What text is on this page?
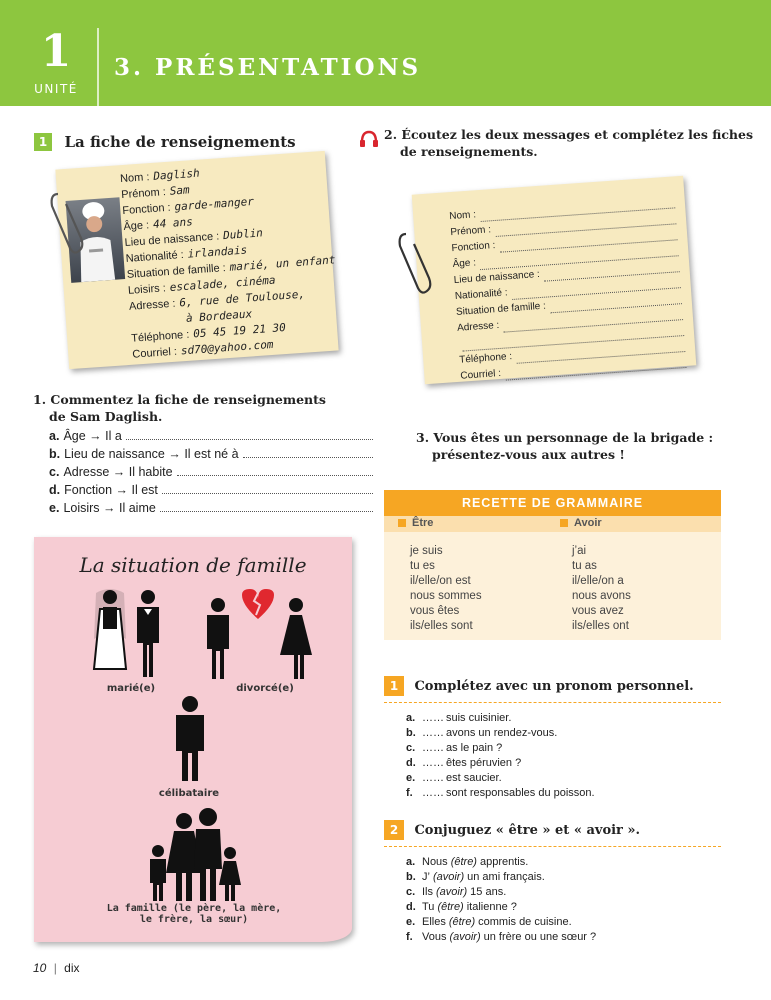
1
UNITÉ
3. PRÉSENTATIONS
1 La fiche de renseignements
Nom : Daglish
Prénom : Sam
Fonction : garde-manger
Âge : 44 ans
Lieu de naissance : Dublin
Nationalité : irlandais
Situation de famille : marié, un enfant
Loisirs : escalade, cinéma
Adresse : 6, rue de Toulouse,
à Bordeaux
Téléphone : 05 45 19 21 30
Courriel : sd70@yahoo.com
1. Commentez la fiche de renseignements
de Sam Daglish.
a. Âge → Il a
b. Lieu de naissance → Il est né à
c. Adresse → Il habite
d. Fonction → Il est
e. Loisirs → Il aime
2. Écoutez les deux messages et complétez les fiches
de renseignements.
Nom :
Prénom :
Fonction :
Âge :
Lieu de naissance :
Nationalité :
Situation de famille :
Adresse :
Téléphone :
Courriel :
3. Vous êtes un personnage de la brigade :
présentez-vous aux autres !
RECETTE DE GRAMMAIRE
Être	Avoir
je suis
tu es
il/elle/on est
nous sommes
vous êtes
ils/elles sont
j’ai
tu as
il/elle/on a
nous avons
vous avez
ils/elles ont
1 Complétez avec un pronom personnel.
a. …… suis cuisinier.
b. …… avons un rendez-vous.
c. …… as le pain ?
d. …… êtes péruvien ?
e. …… est saucier.
f. …… sont responsables du poisson.
2 Conjuguez « être » et « avoir ».
a. Nous (être) apprentis.
b. J’ (avoir) un ami français.
c. Ils (avoir) 15 ans.
d. Tu (être) italienne ?
e. Elles (être) commis de cuisine.
f. Vous (avoir) un frère ou une sœur ?
La situation de famille
marié(e)	divorcé(e)
célibataire
La famille (le père, la mère,
le frère, la sœur)
10 | dix
